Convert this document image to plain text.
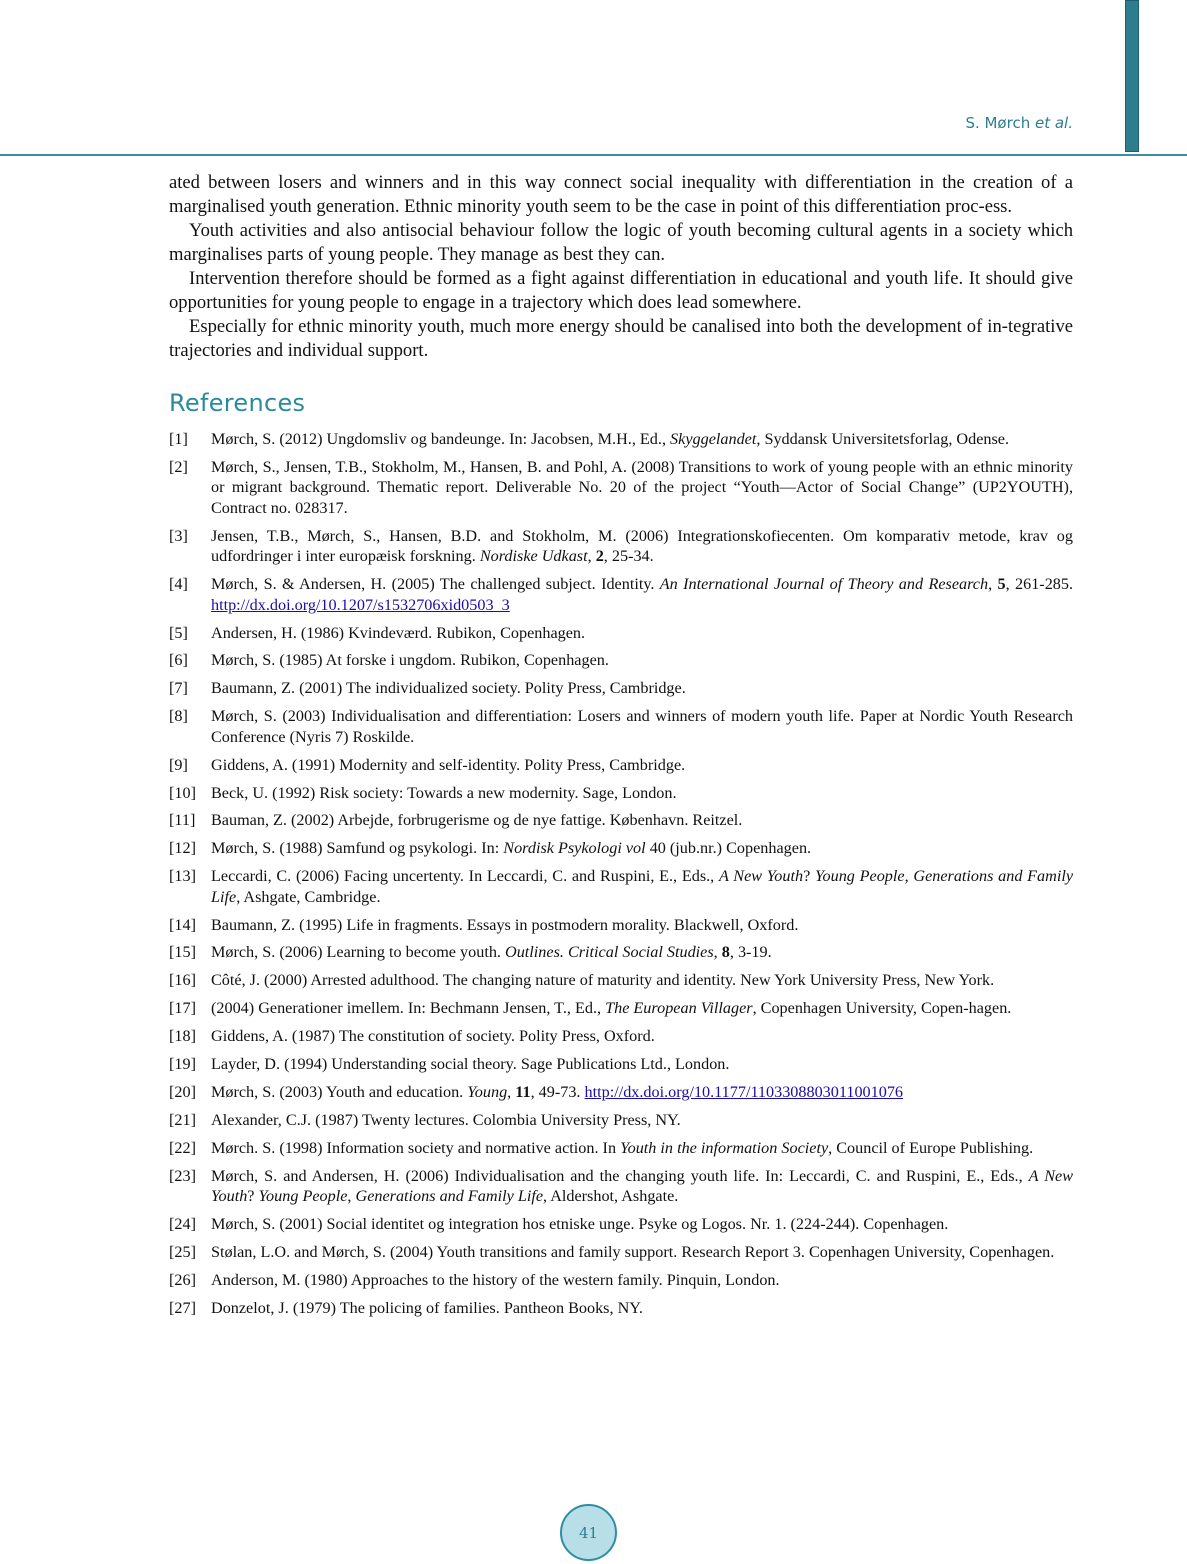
S. Mørch et al.

ated between losers and winners and in this way connect social inequality with differentiation in the creation of a marginalised youth generation. Ethnic minority youth seem to be the case in point of this differentiation proc-ess.

Youth activities and also antisocial behaviour follow the logic of youth becoming cultural agents in a society which marginalises parts of young people. They manage as best they can.

Intervention therefore should be formed as a fight against differentiation in educational and youth life. It should give opportunities for young people to engage in a trajectory which does lead somewhere.

Especially for ethnic minority youth, much more energy should be canalised into both the development of in-tegrative trajectories and individual support.

References
[1]	Mørch, S. (2012) Ungdomsliv og bandeunge. In: Jacobsen, M.H., Ed., Skyggelandet, Syddansk Universitetsforlag, Odense.
[2]	Mørch, S., Jensen, T.B., Stokholm, M., Hansen, B. and Pohl, A. (2008) Transitions to work of young people with an ethnic minority or migrant background. Thematic report. Deliverable No. 20 of the project “Youth—Actor of Social Change” (UP2YOUTH), Contract no. 028317.
[3]	Jensen, T.B., Mørch, S., Hansen, B.D. and Stokholm, M. (2006) Integrationskofiecenten. Om komparativ metode, krav og udfordringer i inter europæisk forskning. Nordiske Udkast, 2, 25-34.
[4]	Mørch, S. & Andersen, H. (2005) The challenged subject. Identity. An International Journal of Theory and Research, 5, 261-285. http://dx.doi.org/10.1207/s1532706xid0503_3
[5]	Andersen, H. (1986) Kvindeværd. Rubikon, Copenhagen.
[6]	Mørch, S. (1985) At forske i ungdom. Rubikon, Copenhagen.
[7]	Baumann, Z. (2001) The individualized society. Polity Press, Cambridge.
[8]	Mørch, S. (2003) Individualisation and differentiation: Losers and winners of modern youth life. Paper at Nordic Youth Research Conference (Nyris 7) Roskilde.
[9]	Giddens, A. (1991) Modernity and self-identity. Polity Press, Cambridge.
[10] Beck, U. (1992) Risk society: Towards a new modernity. Sage, London.
[11] Bauman, Z. (2002) Arbejde, forbrugerisme og de nye fattige. København. Reitzel.
[12] Mørch, S. (1988) Samfund og psykologi. In: Nordisk Psykologi vol 40 (jub.nr.) Copenhagen.
[13] Leccardi, C. (2006) Facing uncertenty. In Leccardi, C. and Ruspini, E., Eds., A New Youth? Young People, Generations and Family Life, Ashgate, Cambridge.
[14] Baumann, Z. (1995) Life in fragments. Essays in postmodern morality. Blackwell, Oxford.
[15] Mørch, S. (2006) Learning to become youth. Outlines. Critical Social Studies, 8, 3-19.
[16] Côté, J. (2000) Arrested adulthood. The changing nature of maturity and identity. New York University Press, New York.
[17] (2004) Generationer imellem. In: Bechmann Jensen, T., Ed., The European Villager, Copenhagen University, Copen-hagen.
[18] Giddens, A. (1987) The constitution of society. Polity Press, Oxford.
[19] Layder, D. (1994) Understanding social theory. Sage Publications Ltd., London.
[20] Mørch, S. (2003) Youth and education. Young, 11, 49-73. http://dx.doi.org/10.1177/1103308803011001076
[21] Alexander, C.J. (1987) Twenty lectures. Colombia University Press, NY.
[22] Mørch. S. (1998) Information society and normative action. In Youth in the information Society, Council of Europe Publishing.
[23] Mørch, S. and Andersen, H. (2006) Individualisation and the changing youth life. In: Leccardi, C. and Ruspini, E., Eds., A New Youth? Young People, Generations and Family Life, Aldershot, Ashgate.
[24] Mørch, S. (2001) Social identitet og integration hos etniske unge. Psyke og Logos. Nr. 1. (224-244). Copenhagen.
[25] Stølan, L.O. and Mørch, S. (2004) Youth transitions and family support. Research Report 3. Copenhagen University, Copenhagen.
[26] Anderson, M. (1980) Approaches to the history of the western family. Pinquin, London.
[27] Donzelot, J. (1979) The policing of families. Pantheon Books, NY.
41
